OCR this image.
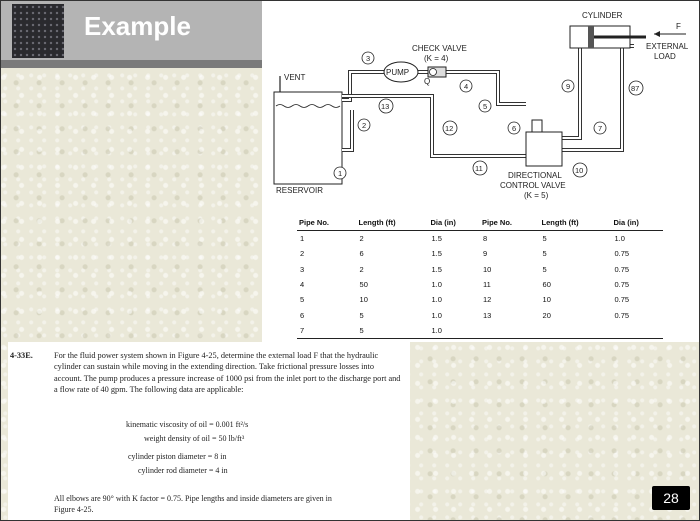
Example
VENT
RESERVOIR
PUMP
Q
CHECK VALVE
(K = 4)
DIRECTIONAL
CONTROL VALVE
(K = 5)
CYLINDER
F
EXTERNAL
LOAD
1
2
3
4
5
6	7
9
10
11
12
13
87
Pipe No.	Length (ft)	Dia (in)	Pipe No.	Length (ft)	Dia (in)
1	2	1.5	8	5	1.0
2	6	1.5	9	5	0.75
3	2	1.5	10	5	0.75
4	50	1.0	11	60	0.75
5	10	1.0	12	10	0.75
6	5	1.0	13	20	0.75
7	5	1.0			
4-33E.	For the fluid power system shown in Figure 4-25, determine the external load F that the hydraulic cylinder can sustain while moving in the extending direction. Take frictional pressure losses into account. The pump produces a pressure increase of 1000 psi from the inlet port to the discharge port and a flow rate of 40 gpm. The following data are applicable:
kinematic viscosity of oil = 0.001 ft²/s
weight density of oil = 50 lb/ft³
cylinder piston diameter = 8 in
cylinder rod diameter = 4 in
All elbows are 90° with K factor = 0.75. Pipe lengths and inside diameters are given in
Figure 4-25.
28
